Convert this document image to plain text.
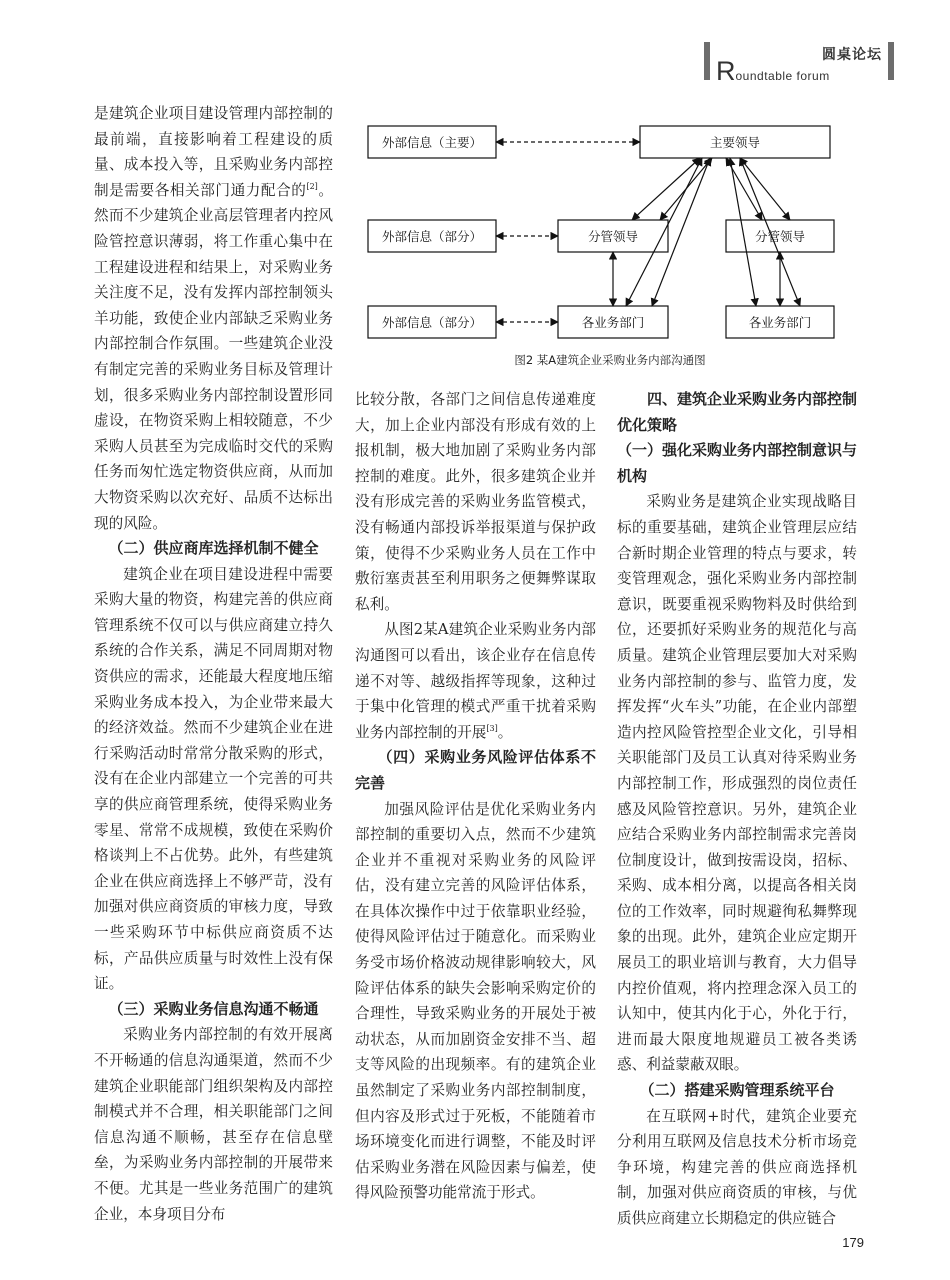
圆桌论坛
Roundtable forum

是建筑企业项目建设管理内部控制的最前端，直接影响着工程建设的质量、成本投入等，且采购业务内部控制是需要各相关部门通力配合的[2]。然而不少建筑企业高层管理者内控风险管控意识薄弱，将工作重心集中在工程建设进程和结果上，对采购业务关注度不足，没有发挥内部控制领头羊功能，致使企业内部缺乏采购业务内部控制合作氛围。一些建筑企业没有制定完善的采购业务目标及管理计划，很多采购业务内部控制设置形同虚设，在物资采购上相较随意，不少采购人员甚至为完成临时交代的采购任务而匆忙选定物资供应商，从而加大物资采购以次充好、品质不达标出现的风险。

（二）供应商库选择机制不健全

建筑企业在项目建设进程中需要采购大量的物资，构建完善的供应商管理系统不仅可以与供应商建立持久系统的合作关系，满足不同周期对物资供应的需求，还能最大程度地压缩采购业务成本投入，为企业带来最大的经济效益。然而不少建筑企业在进行采购活动时常常分散采购的形式，没有在企业内部建立一个完善的可共享的供应商管理系统，使得采购业务零星、常常不成规模，致使在采购价格谈判上不占优势。此外，有些建筑企业在供应商选择上不够严苛，没有加强对供应商资质的审核力度，导致一些采购环节中标供应商资质不达标，产品供应质量与时效性上没有保证。

（三）采购业务信息沟通不畅通

采购业务内部控制的有效开展离不开畅通的信息沟通渠道，然而不少建筑企业职能部门组织架构及内部控制模式并不合理，相关职能部门之间信息沟通不顺畅，甚至存在信息壁垒，为采购业务内部控制的开展带来不便。尤其是一些业务范围广的建筑企业，本身项目分布

外部信息（主要）	主要领导
外部信息（部分）	分管领导	分管领导
外部信息（部分）	各业务部门	各业务部门
图2 某A建筑企业采购业务内部沟通图

比较分散，各部门之间信息传递难度大，加上企业内部没有形成有效的上报机制，极大地加剧了采购业务内部控制的难度。此外，很多建筑企业并没有形成完善的采购业务监管模式，没有畅通内部投诉举报渠道与保护政策，使得不少采购业务人员在工作中敷衍塞责甚至利用职务之便舞弊谋取私利。

从图2某A建筑企业采购业务内部沟通图可以看出，该企业存在信息传递不对等、越级指挥等现象，这种过于集中化管理的模式严重干扰着采购业务内部控制的开展[3]。

（四）采购业务风险评估体系不完善

加强风险评估是优化采购业务内部控制的重要切入点，然而不少建筑企业并不重视对采购业务的风险评估，没有建立完善的风险评估体系，在具体次操作中过于依靠职业经验，使得风险评估过于随意化。而采购业务受市场价格波动规律影响较大，风险评估体系的缺失会影响采购定价的合理性，导致采购业务的开展处于被动状态，从而加剧资金安排不当、超支等风险的出现频率。有的建筑企业虽然制定了采购业务内部控制制度，但内容及形式过于死板，不能随着市场环境变化而进行调整，不能及时评估采购业务潜在风险因素与偏差，使得风险预警功能常流于形式。

四、建筑企业采购业务内部控制优化策略
（一）强化采购业务内部控制意识与机构

采购业务是建筑企业实现战略目标的重要基础，建筑企业管理层应结合新时期企业管理的特点与要求，转变管理观念，强化采购业务内部控制意识，既要重视采购物料及时供给到位，还要抓好采购业务的规范化与高质量。建筑企业管理层要加大对采购业务内部控制的参与、监管力度，发挥发挥“火车头”功能，在企业内部塑造内控风险管控型企业文化，引导相关职能部门及员工认真对待采购业务内部控制工作，形成强烈的岗位责任感及风险管控意识。另外，建筑企业应结合采购业务内部控制需求完善岗位制度设计，做到按需设岗，招标、采购、成本相分离，以提高各相关岗位的工作效率，同时规避徇私舞弊现象的出现。此外，建筑企业应定期开展员工的职业培训与教育，大力倡导内控价值观，将内控理念深入员工的认知中，使其内化于心，外化于行，进而最大限度地规避员工被各类诱惑、利益蒙蔽双眼。

（二）搭建采购管理系统平台

在互联网+时代，建筑企业要充分利用互联网及信息技术分析市场竞争环境，构建完善的供应商选择机制，加强对供应商资质的审核，与优质供应商建立长期稳定的供应链合

179
